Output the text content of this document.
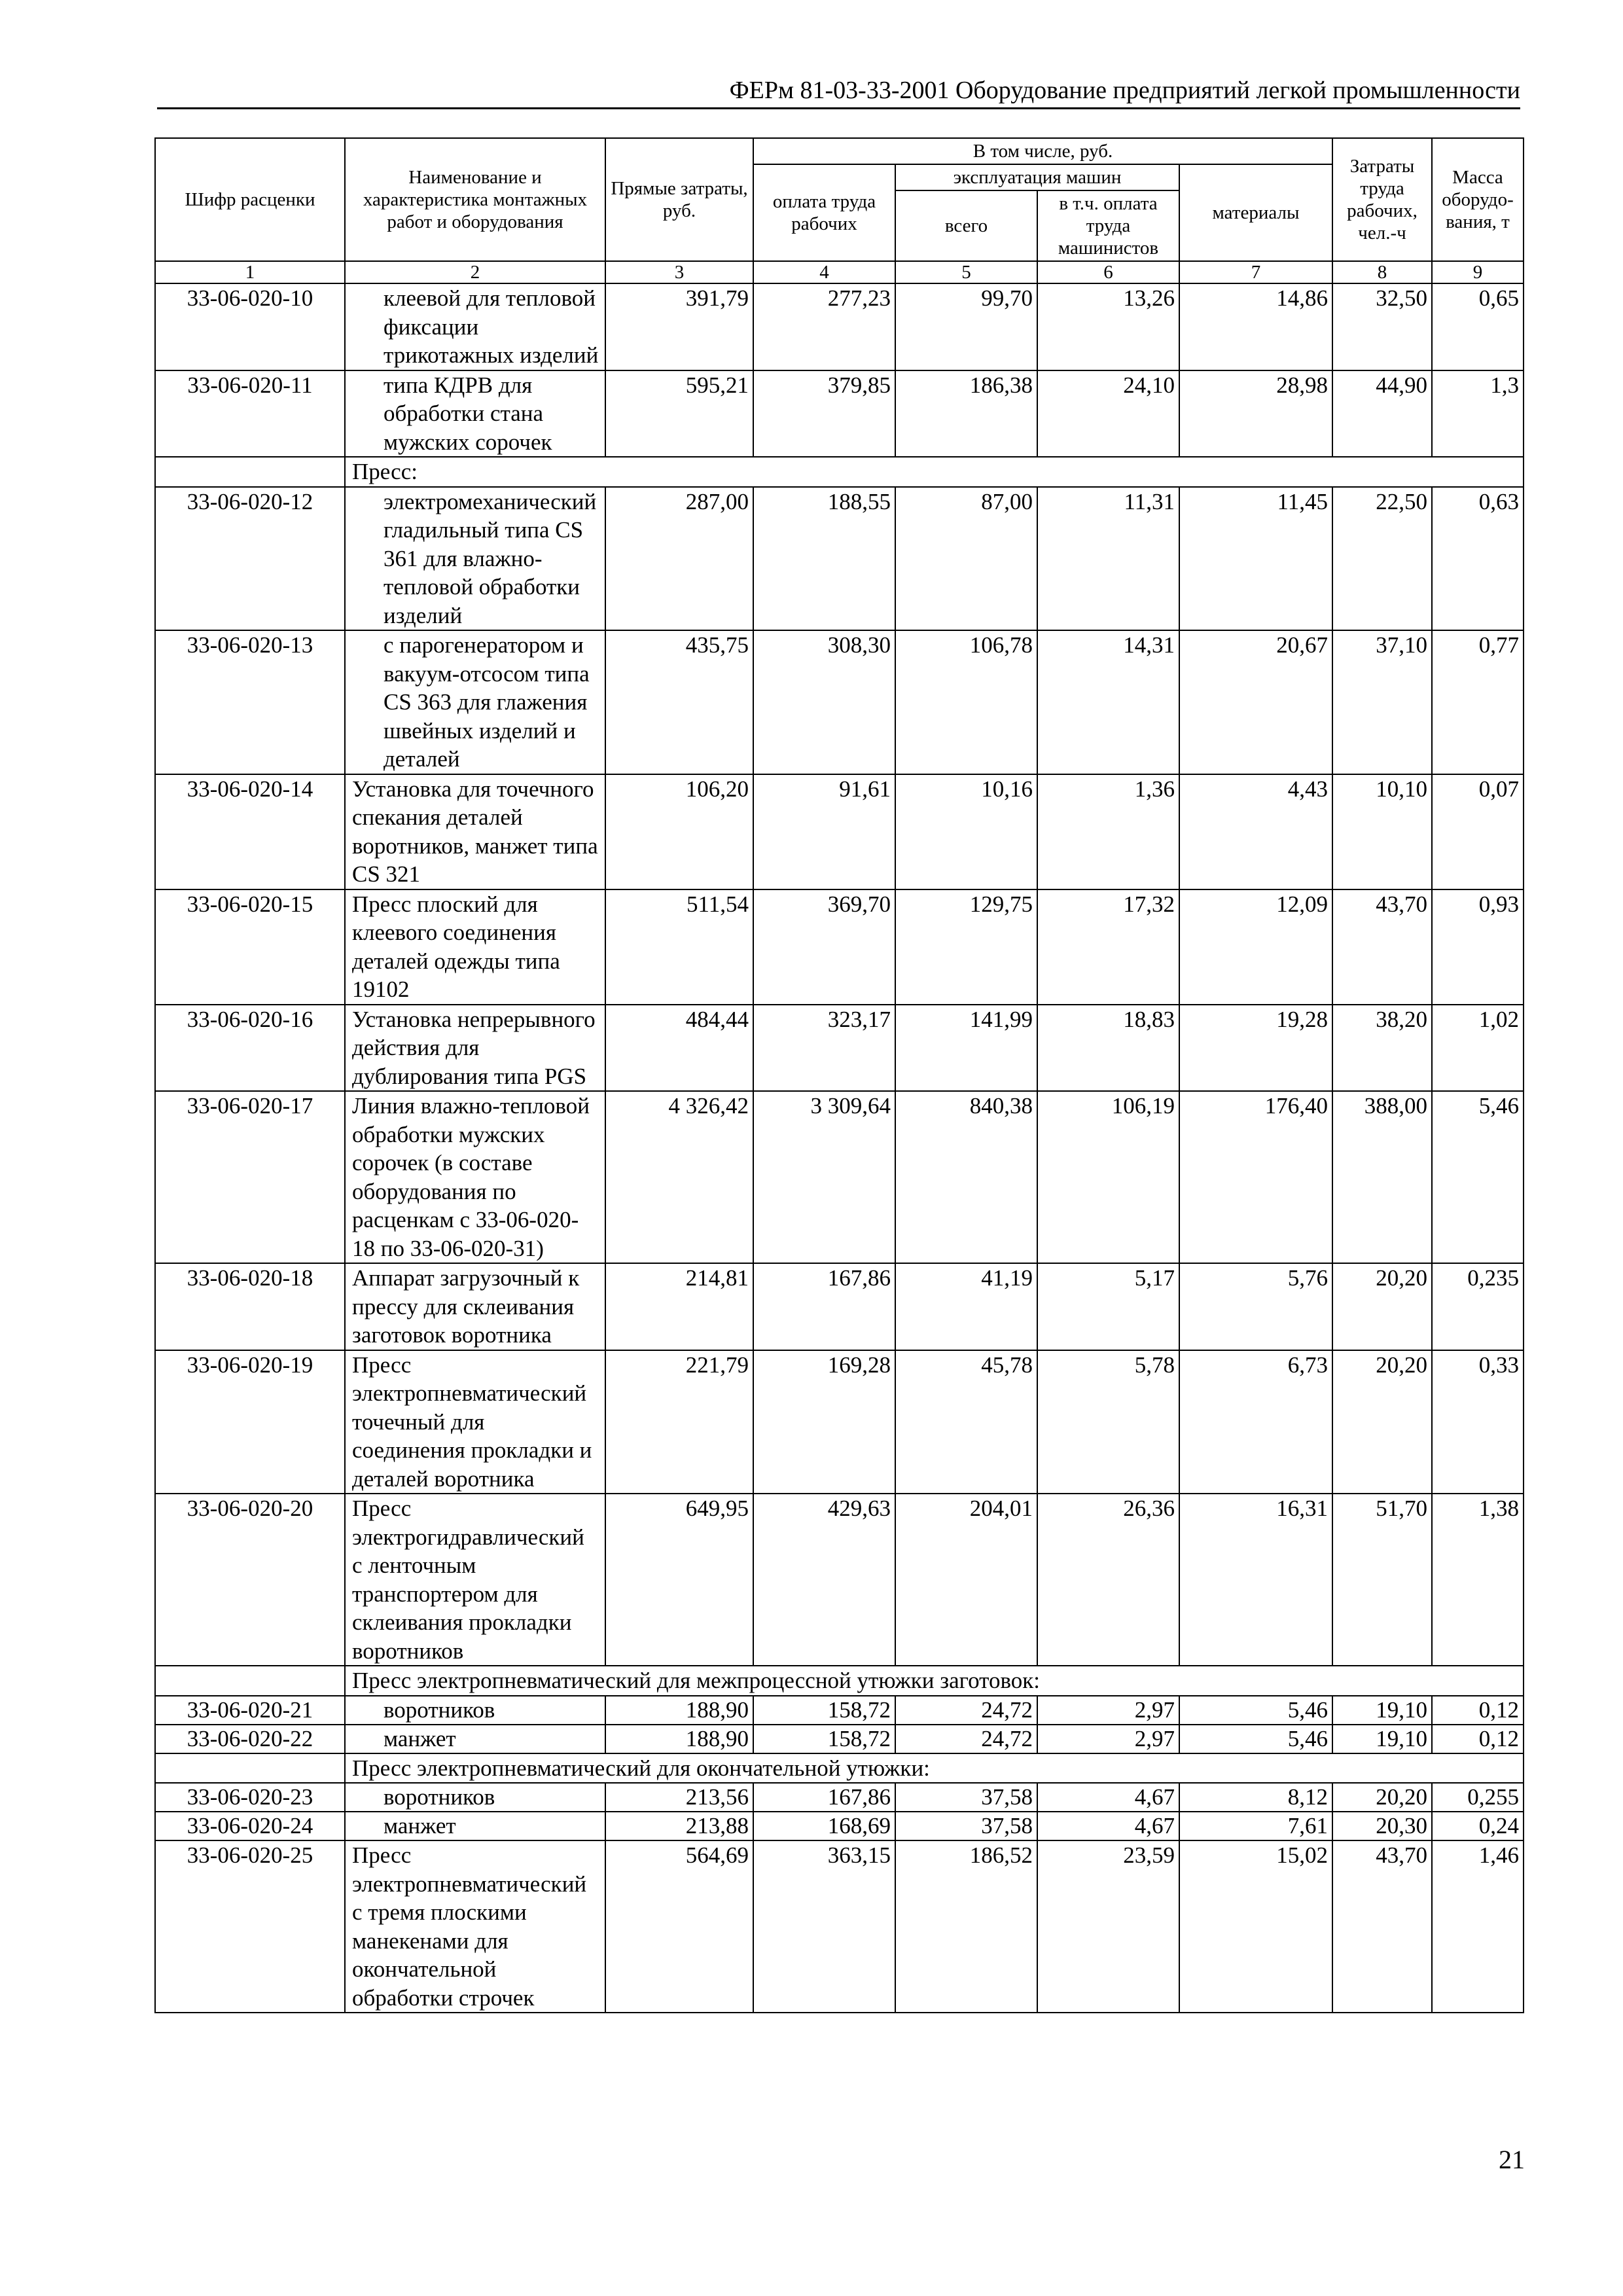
ФЕРм 81-03-33-2001 Оборудование предприятий легкой промышленности
Шифр расценки	Наименование и характеристика монтажных работ и оборудования	Прямые затраты, руб.	В том числе, руб.				Затраты труда рабочих, чел.-ч	Масса оборудо-вания, т
			оплата труда рабочих	эксплуатация машин		материалы		
				всего	в т.ч. оплата труда машинистов			
1	2	3	4	5	6	7	8	9
33-06-020-10	клеевой для тепловой фиксации трикотажных изделий	391,79	277,23	99,70	13,26	14,86	32,50	0,65
33-06-020-11	типа КДРВ для обработки стана мужских сорочек	595,21	379,85	186,38	24,10	28,98	44,90	1,3
	Пресс:							
33-06-020-12	электромеханический гладильный типа CS 361 для влажно-тепловой обработки изделий	287,00	188,55	87,00	11,31	11,45	22,50	0,63
33-06-020-13	с парогенератором и вакуум-отсосом типа CS 363 для глажения швейных изделий и деталей	435,75	308,30	106,78	14,31	20,67	37,10	0,77
33-06-020-14	Установка для точечного спекания деталей воротников, манжет типа CS 321	106,20	91,61	10,16	1,36	4,43	10,10	0,07
33-06-020-15	Пресс плоский для клеевого соединения деталей одежды типа 19102	511,54	369,70	129,75	17,32	12,09	43,70	0,93
33-06-020-16	Установка непрерывного действия для дублирования типа PGS	484,44	323,17	141,99	18,83	19,28	38,20	1,02
33-06-020-17	Линия влажно-тепловой обработки мужских сорочек (в составе оборудования по расценкам с 33-06-020-18 по 33-06-020-31)	4 326,42	3 309,64	840,38	106,19	176,40	388,00	5,46
33-06-020-18	Аппарат загрузочный к прессу для склеивания заготовок воротника	214,81	167,86	41,19	5,17	5,76	20,20	0,235
33-06-020-19	Пресс электропневматический точечный для соединения прокладки и деталей воротника	221,79	169,28	45,78	5,78	6,73	20,20	0,33
33-06-020-20	Пресс электрогидравлический с ленточным транспортером для склеивания прокладки воротников	649,95	429,63	204,01	26,36	16,31	51,70	1,38
	Пресс электропневматический для межпроцессной утюжки заготовок:							
33-06-020-21	воротников	188,90	158,72	24,72	2,97	5,46	19,10	0,12
33-06-020-22	манжет	188,90	158,72	24,72	2,97	5,46	19,10	0,12
	Пресс электропневматический для окончательной утюжки:							
33-06-020-23	воротников	213,56	167,86	37,58	4,67	8,12	20,20	0,255
33-06-020-24	манжет	213,88	168,69	37,58	4,67	7,61	20,30	0,24
33-06-020-25	Пресс электропневматический с тремя плоскими манекенами для окончательной обработки строчек	564,69	363,15	186,52	23,59	15,02	43,70	1,46
21
